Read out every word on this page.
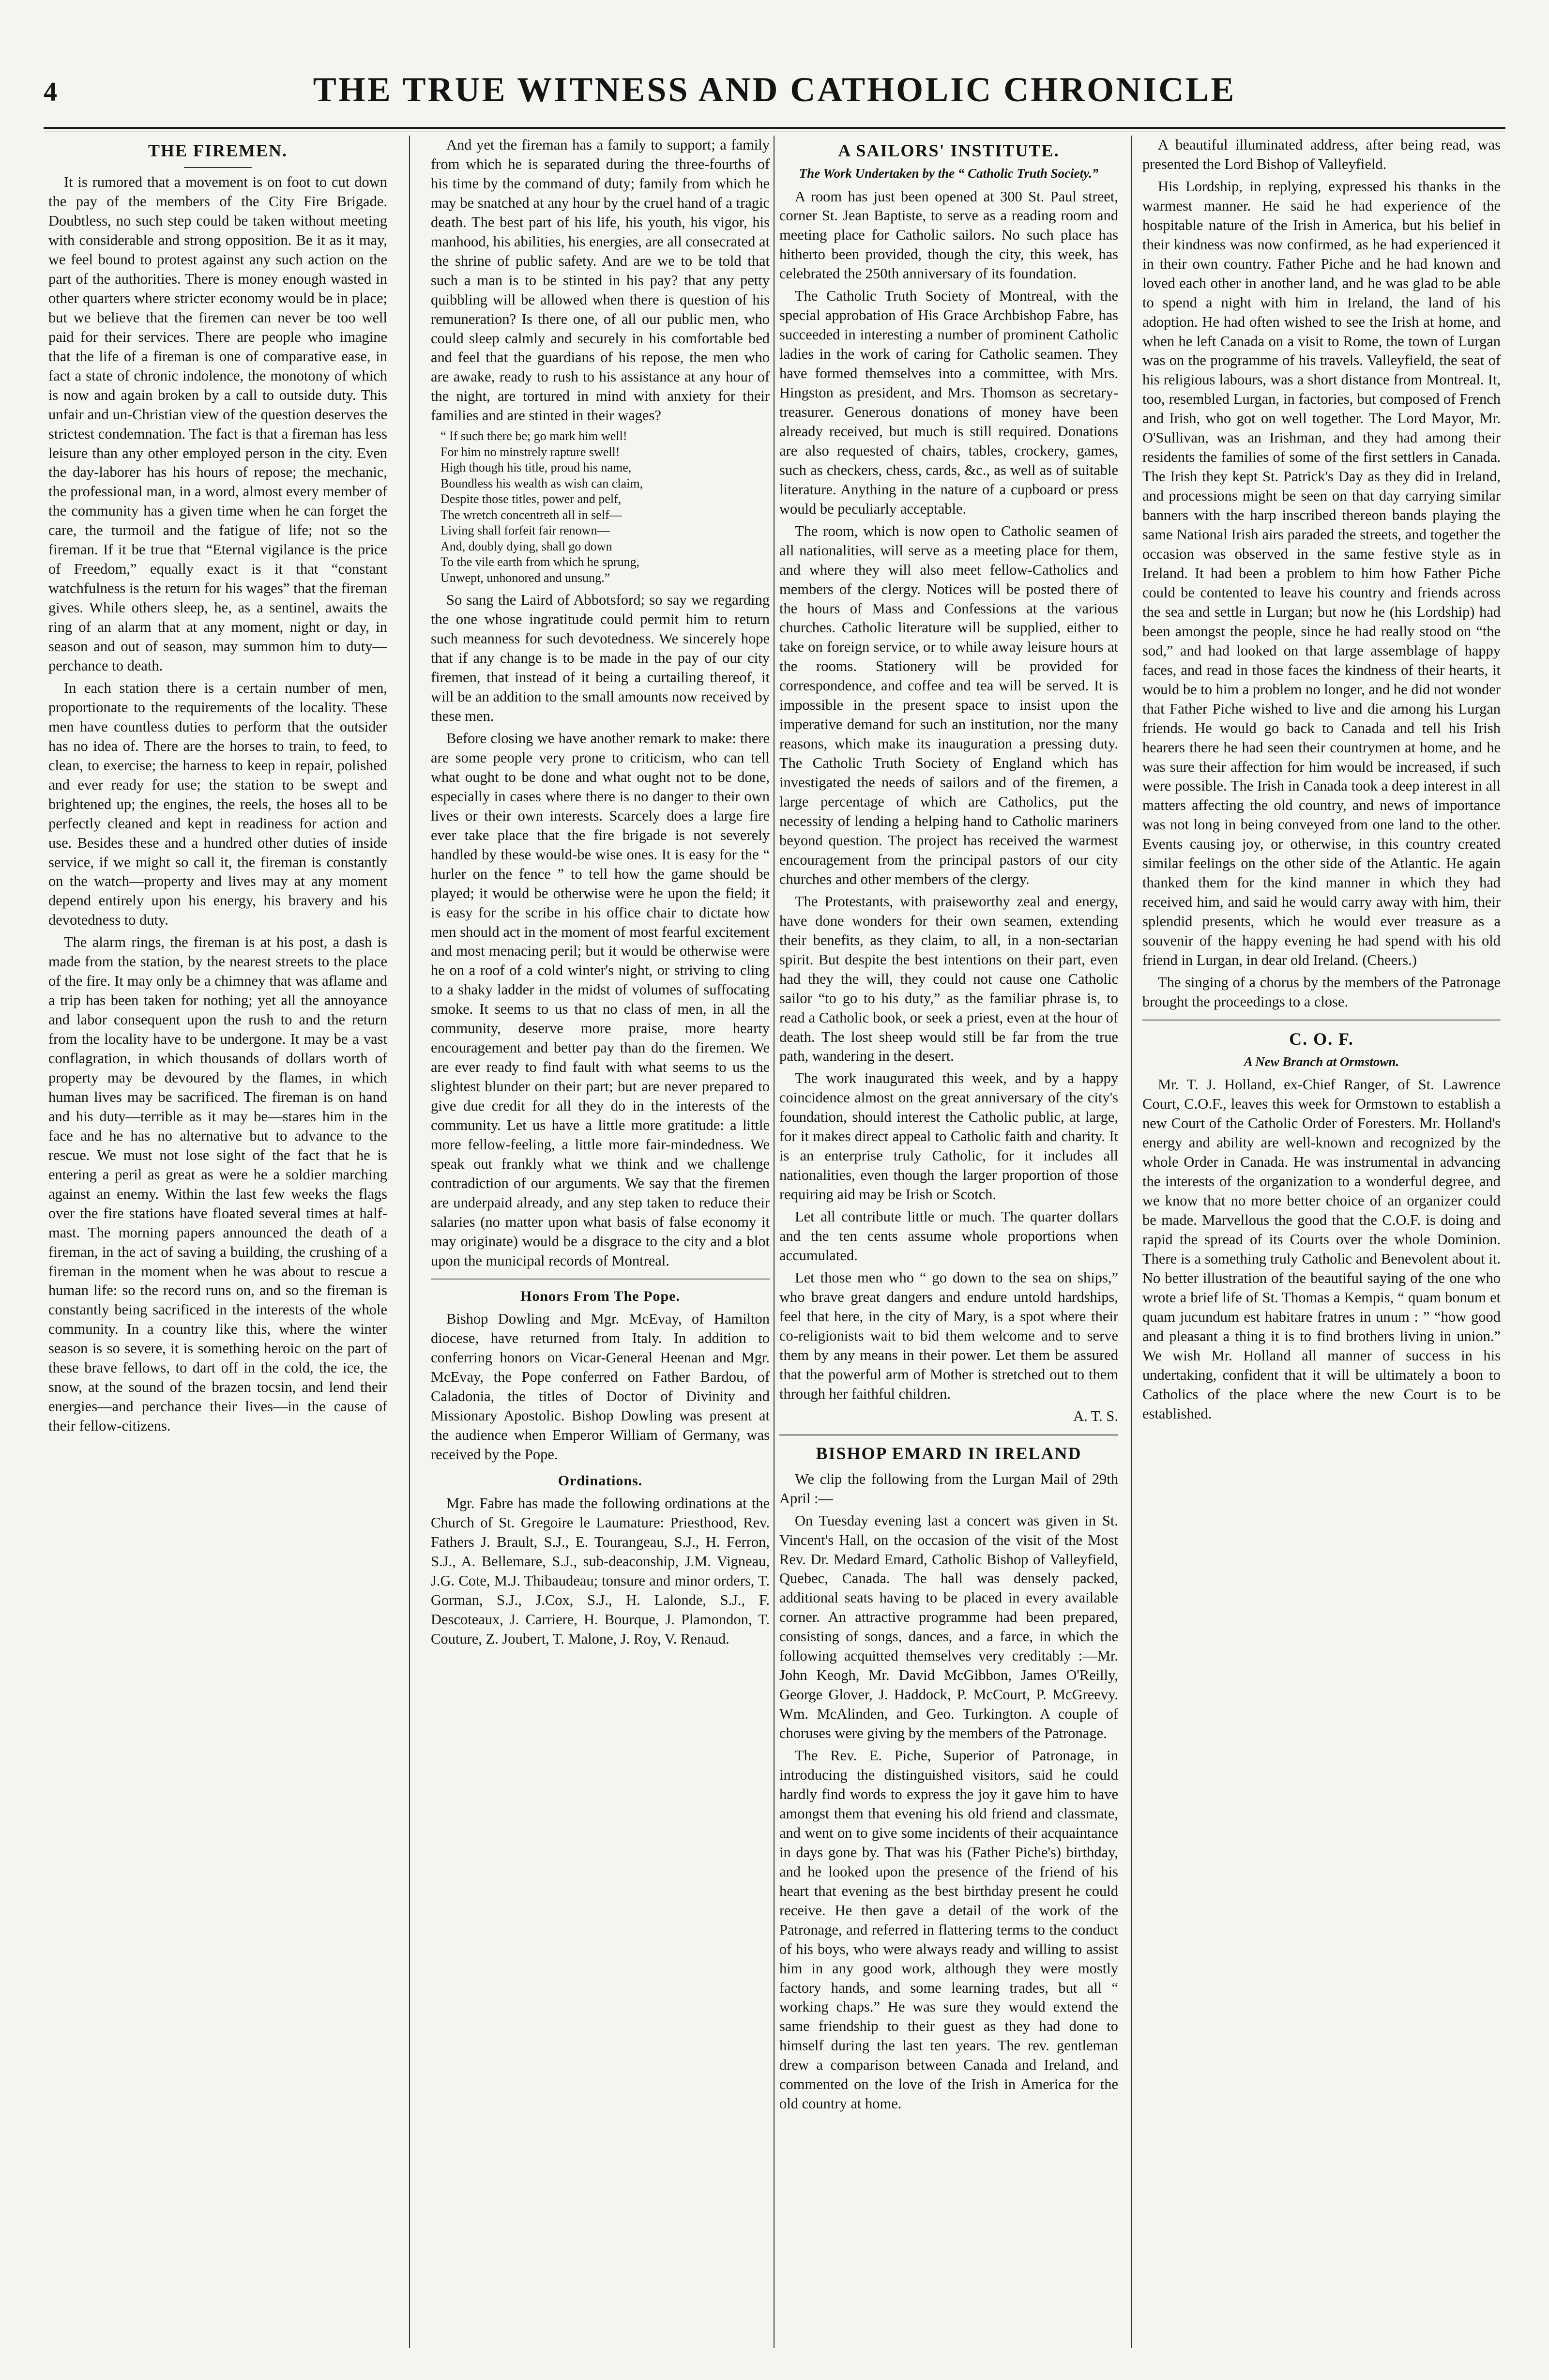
4	THE TRUE WITNESS AND CATHOLIC CHRONICLE
THE FIREMEN.

It is rumored that a movement is on foot to cut down the pay of the members of the City Fire Brigade. Doubtless, no such step could be taken without meeting with considerable and strong opposition. Be it as it may, we feel bound to protest against any such action on the part of the authorities. There is money enough wasted in other quarters where stricter economy would be in place; but we believe that the firemen can never be too well paid for their services. There are people who imagine that the life of a fireman is one of comparative ease, in fact a state of chronic indolence, the monotony of which is now and again broken by a call to outside duty. This unfair and un-Christian view of the question deserves the strictest condemnation. The fact is that a fireman has less leisure than any other employed person in the city. Even the day-laborer has his hours of repose; the mechanic, the professional man, in a word, almost every member of the community has a given time when he can forget the care, the turmoil and the fatigue of life; not so the fireman. If it be true that “Eternal vigilance is the price of Freedom,” equally exact is it that “constant watchfulness is the return for his wages” that the fireman gives. While others sleep, he, as a sentinel, awaits the ring of an alarm that at any moment, night or day, in season and out of season, may summon him to duty—perchance to death.

In each station there is a certain number of men, proportionate to the requirements of the locality. These men have countless duties to perform that the outsider has no idea of. There are the horses to train, to feed, to clean, to exercise; the harness to keep in repair, polished and ever ready for use; the station to be swept and brightened up; the engines, the reels, the hoses all to be perfectly cleaned and kept in readiness for action and use. Besides these and a hundred other duties of inside service, if we might so call it, the fireman is constantly on the watch—property and lives may at any moment depend entirely upon his energy, his bravery and his devotedness to duty.

The alarm rings, the fireman is at his post, a dash is made from the station, by the nearest streets to the place of the fire. It may only be a chimney that was aflame and a trip has been taken for nothing; yet all the annoyance and labor consequent upon the rush to and the return from the locality have to be undergone. It may be a vast conflagration, in which thousands of dollars worth of property may be devoured by the flames, in which human lives may be sacrificed. The fireman is on hand and his duty—terrible as it may be—stares him in the face and he has no alternative but to advance to the rescue. We must not lose sight of the fact that he is entering a peril as great as were he a soldier marching against an enemy. Within the last few weeks the flags over the fire stations have floated several times at half-mast. The morning papers announced the death of a fireman, in the act of saving a building, the crushing of a fireman in the moment when he was about to rescue a human life: so the record runs on, and so the fireman is constantly being sacrificed in the interests of the whole community. In a country like this, where the winter season is so severe, it is something heroic on the part of these brave fellows, to dart off in the cold, the ice, the snow, at the sound of the brazen tocsin, and lend their energies—and perchance their lives—in the cause of their fellow-citizens.

And yet the fireman has a family to support; a family from which he is separated during the three-fourths of his time by the command of duty; family from which he may be snatched at any hour by the cruel hand of a tragic death. The best part of his life, his youth, his vigor, his manhood, his abilities, his energies, are all consecrated at the shrine of public safety. And are we to be told that such a man is to be stinted in his pay? that any petty quibbling will be allowed when there is question of his remuneration? Is there one, of all our public men, who could sleep calmly and securely in his comfortable bed and feel that the guardians of his repose, the men who are awake, ready to rush to his assistance at any hour of the night, are tortured in mind with anxiety for their families and are stinted in their wages?

“ If such there be; go mark him well!
For him no minstrely rapture swell!
High though his title, proud his name,
Boundless his wealth as wish can claim,
Despite those titles, power and pelf,
The wretch concentreth all in self—
Living shall forfeit fair renown—
And, doubly dying, shall go down
To the vile earth from which he sprung,
Unwept, unhonored and unsung.”

So sang the Laird of Abbotsford; so say we regarding the one whose ingratitude could permit him to return such meanness for such devotedness. We sincerely hope that if any change is to be made in the pay of our city firemen, that instead of it being a curtailing thereof, it will be an addition to the small amounts now received by these men.

Before closing we have another remark to make: there are some people very prone to criticism, who can tell what ought to be done and what ought not to be done, especially in cases where there is no danger to their own lives or their own interests. Scarcely does a large fire ever take place that the fire brigade is not severely handled by these would-be wise ones. It is easy for the “ hurler on the fence ” to tell how the game should be played; it would be otherwise were he upon the field; it is easy for the scribe in his office chair to dictate how men should act in the moment of most fearful excitement and most menacing peril; but it would be otherwise were he on a roof of a cold winter's night, or striving to cling to a shaky ladder in the midst of volumes of suffocating smoke. It seems to us that no class of men, in all the community, deserve more praise, more hearty encouragement and better pay than do the firemen. We are ever ready to find fault with what seems to us the slightest blunder on their part; but are never prepared to give due credit for all they do in the interests of the community. Let us have a little more gratitude: a little more fellow-feeling, a little more fair-mindedness. We speak out frankly what we think and we challenge contradiction of our arguments. We say that the firemen are underpaid already, and any step taken to reduce their salaries (no matter upon what basis of false economy it may originate) would be a disgrace to the city and a blot upon the municipal records of Montreal.

Honors From The Pope.

Bishop Dowling and Mgr. McEvay, of Hamilton diocese, have returned from Italy. In addition to conferring honors on Vicar-General Heenan and Mgr. McEvay, the Pope conferred on Father Bardou, of Caladonia, the titles of Doctor of Divinity and Missionary Apostolic. Bishop Dowling was present at the audience when Emperor William of Germany, was received by the Pope.

Ordinations.

Mgr. Fabre has made the following ordinations at the Church of St. Gregoire le Laumature: Priesthood, Rev. Fathers J. Brault, S.J., E. Tourangeau, S.J., H. Ferron, S.J., A. Bellemare, S.J., sub-deaconship, J.M. Vigneau, J.G. Cote, M.J. Thibaudeau; tonsure and minor orders, T. Gorman, S.J., J.Cox, S.J., H. Lalonde, S.J., F. Descoteaux, J. Carriere, H. Bourque, J. Plamondon, T. Couture, Z. Joubert, T. Malone, J. Roy, V. Renaud.

A SAILORS' INSTITUTE.
The Work Undertaken by the “ Catholic Truth Society.”

A room has just been opened at 300 St. Paul street, corner St. Jean Baptiste, to serve as a reading room and meeting place for Catholic sailors. No such place has hitherto been provided, though the city, this week, has celebrated the 250th anniversary of its foundation.

The Catholic Truth Society of Montreal, with the special approbation of His Grace Archbishop Fabre, has succeeded in interesting a number of prominent Catholic ladies in the work of caring for Catholic seamen. They have formed themselves into a committee, with Mrs. Hingston as president, and Mrs. Thomson as secretary-treasurer. Generous donations of money have been already received, but much is still required. Donations are also requested of chairs, tables, crockery, games, such as checkers, chess, cards, &c., as well as of suitable literature. Anything in the nature of a cupboard or press would be peculiarly acceptable.

The room, which is now open to Catholic seamen of all nationalities, will serve as a meeting place for them, and where they will also meet fellow-Catholics and members of the clergy. Notices will be posted there of the hours of Mass and Confessions at the various churches. Catholic literature will be supplied, either to take on foreign service, or to while away leisure hours at the rooms. Stationery will be provided for correspondence, and coffee and tea will be served. It is impossible in the present space to insist upon the imperative demand for such an institution, nor the many reasons, which make its inauguration a pressing duty. The Catholic Truth Society of England which has investigated the needs of sailors and of the firemen, a large percentage of which are Catholics, put the necessity of lending a helping hand to Catholic mariners beyond question. The project has received the warmest encouragement from the principal pastors of our city churches and other members of the clergy.

The Protestants, with praiseworthy zeal and energy, have done wonders for their own seamen, extending their benefits, as they claim, to all, in a non-sectarian spirit. But despite the best intentions on their part, even had they the will, they could not cause one Catholic sailor “to go to his duty,” as the familiar phrase is, to read a Catholic book, or seek a priest, even at the hour of death. The lost sheep would still be far from the true path, wandering in the desert.

The work inaugurated this week, and by a happy coincidence almost on the great anniversary of the city's foundation, should interest the Catholic public, at large, for it makes direct appeal to Catholic faith and charity. It is an enterprise truly Catholic, for it includes all nationalities, even though the larger proportion of those requiring aid may be Irish or Scotch.

Let all contribute little or much. The quarter dollars and the ten cents assume whole proportions when accumulated.

Let those men who “ go down to the sea on ships,” who brave great dangers and endure untold hardships, feel that here, in the city of Mary, is a spot where their co-religionists wait to bid them welcome and to serve them by any means in their power. Let them be assured that the powerful arm of Mother is stretched out to them through her faithful children.

A. T. S.
BISHOP EMARD IN IRELAND

We clip the following from the Lurgan Mail of 29th April :—

On Tuesday evening last a concert was given in St. Vincent's Hall, on the occasion of the visit of the Most Rev. Dr. Medard Emard, Catholic Bishop of Valleyfield, Quebec, Canada. The hall was densely packed, additional seats having to be placed in every available corner. An attractive programme had been prepared, consisting of songs, dances, and a farce, in which the following acquitted themselves very creditably :—Mr. John Keogh, Mr. David McGibbon, James O'Reilly, George Glover, J. Haddock, P. McCourt, P. McGreevy. Wm. McAlinden, and Geo. Turkington. A couple of choruses were giving by the members of the Patronage.

The Rev. E. Piche, Superior of Patronage, in introducing the distinguished visitors, said he could hardly find words to express the joy it gave him to have amongst them that evening his old friend and classmate, and went on to give some incidents of their acquaintance in days gone by. That was his (Father Piche's) birthday, and he looked upon the presence of the friend of his heart that evening as the best birthday present he could receive. He then gave a detail of the work of the Patronage, and referred in flattering terms to the conduct of his boys, who were always ready and willing to assist him in any good work, although they were mostly factory hands, and some learning trades, but all “ working chaps.” He was sure they would extend the same friendship to their guest as they had done to himself during the last ten years. The rev. gentleman drew a comparison between Canada and Ireland, and commented on the love of the Irish in America for the old country at home.

A beautiful illuminated address, after being read, was presented the Lord Bishop of Valleyfield.

His Lordship, in replying, expressed his thanks in the warmest manner. He said he had experience of the hospitable nature of the Irish in America, but his belief in their kindness was now confirmed, as he had experienced it in their own country. Father Piche and he had known and loved each other in another land, and he was glad to be able to spend a night with him in Ireland, the land of his adoption. He had often wished to see the Irish at home, and when he left Canada on a visit to Rome, the town of Lurgan was on the programme of his travels. Valleyfield, the seat of his religious labours, was a short distance from Montreal. It, too, resembled Lurgan, in factories, but composed of French and Irish, who got on well together. The Lord Mayor, Mr. O'Sullivan, was an Irishman, and they had among their residents the families of some of the first settlers in Canada. The Irish they kept St. Patrick's Day as they did in Ireland, and processions might be seen on that day carrying similar banners with the harp inscribed thereon bands playing the same National Irish airs paraded the streets, and together the occasion was observed in the same festive style as in Ireland. It had been a problem to him how Father Piche could be contented to leave his country and friends across the sea and settle in Lurgan; but now he (his Lordship) had been amongst the people, since he had really stood on “the sod,” and had looked on that large assemblage of happy faces, and read in those faces the kindness of their hearts, it would be to him a problem no longer, and he did not wonder that Father Piche wished to live and die among his Lurgan friends. He would go back to Canada and tell his Irish hearers there he had seen their countrymen at home, and he was sure their affection for him would be increased, if such were possible. The Irish in Canada took a deep interest in all matters affecting the old country, and news of importance was not long in being conveyed from one land to the other. Events causing joy, or otherwise, in this country created similar feelings on the other side of the Atlantic. He again thanked them for the kind manner in which they had received him, and said he would carry away with him, their splendid presents, which he would ever treasure as a souvenir of the happy evening he had spend with his old friend in Lurgan, in dear old Ireland. (Cheers.)

The singing of a chorus by the members of the Patronage brought the proceedings to a close.

C. O. F.
A New Branch at Ormstown.

Mr. T. J. Holland, ex-Chief Ranger, of St. Lawrence Court, C.O.F., leaves this week for Ormstown to establish a new Court of the Catholic Order of Foresters. Mr. Holland's energy and ability are well-known and recognized by the whole Order in Canada. He was instrumental in advancing the interests of the organization to a wonderful degree, and we know that no more better choice of an organizer could be made. Marvellous the good that the C.O.F. is doing and rapid the spread of its Courts over the whole Dominion. There is a something truly Catholic and Benevolent about it. No better illustration of the beautiful saying of the one who wrote a brief life of St. Thomas a Kempis, “ quam bonum et quam jucundum est habitare fratres in unum : ” “how good and pleasant a thing it is to find brothers living in union.” We wish Mr. Holland all manner of success in his undertaking, confident that it will be ultimately a boon to Catholics of the place where the new Court is to be established.
